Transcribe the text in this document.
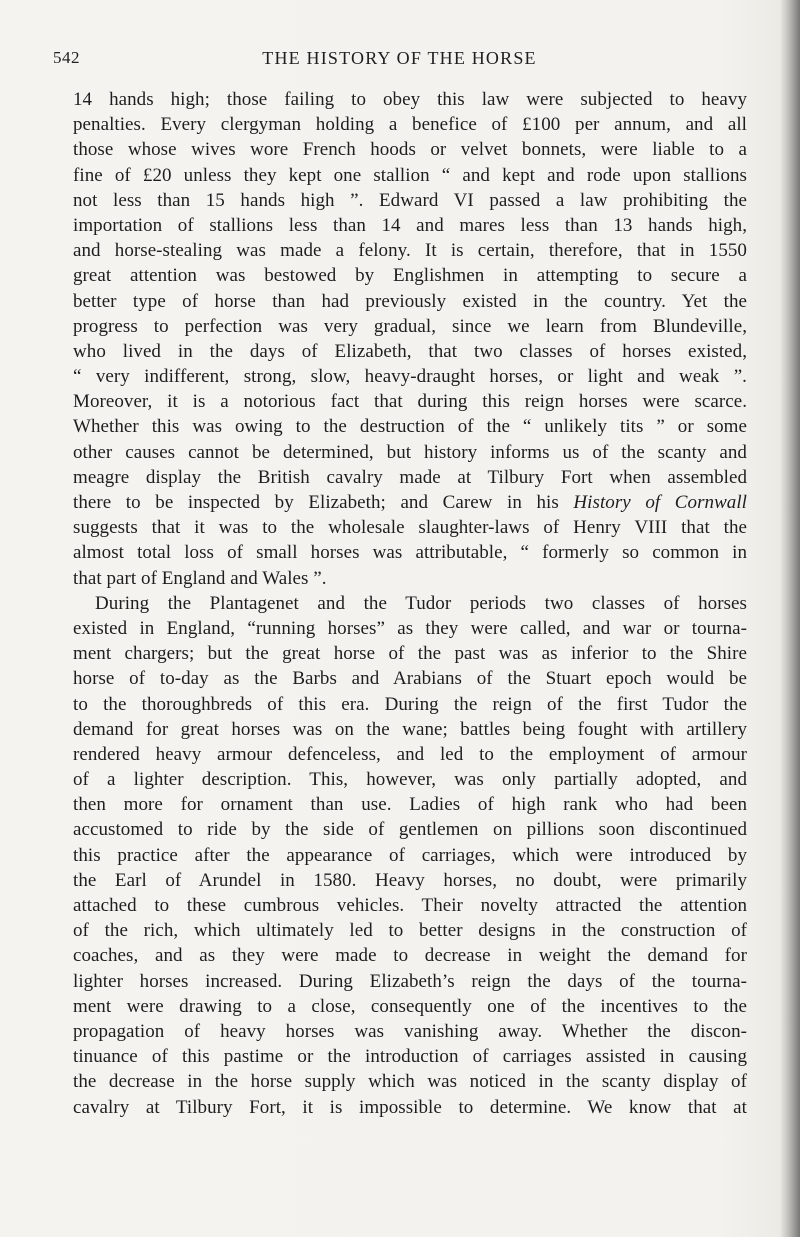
542	THE HISTORY OF THE HORSE
14 hands high; those failing to obey this law were subjected to heavy
penalties. Every clergyman holding a benefice of £100 per annum, and all
those whose wives wore French hoods or velvet bonnets, were liable to a
fine of £20 unless they kept one stallion “ and kept and rode upon stallions
not less than 15 hands high ”. Edward VI passed a law prohibiting the
importation of stallions less than 14 and mares less than 13 hands high,
and horse-stealing was made a felony. It is certain, therefore, that in 1550
great attention was bestowed by Englishmen in attempting to secure a
better type of horse than had previously existed in the country. Yet the
progress to perfection was very gradual, since we learn from Blundeville,
who lived in the days of Elizabeth, that two classes of horses existed,
“ very indifferent, strong, slow, heavy-draught horses, or light and weak ”.
Moreover, it is a notorious fact that during this reign horses were scarce.
Whether this was owing to the destruction of the “ unlikely tits ” or some
other causes cannot be determined, but history informs us of the scanty and
meagre display the British cavalry made at Tilbury Fort when assembled
there to be inspected by Elizabeth; and Carew in his History of Cornwall
suggests that it was to the wholesale slaughter-laws of Henry VIII that the
almost total loss of small horses was attributable, “ formerly so common in
that part of England and Wales ”.
During the Plantagenet and the Tudor periods two classes of horses
existed in England, “running horses” as they were called, and war or tourna-
ment chargers; but the great horse of the past was as inferior to the Shire
horse of to-day as the Barbs and Arabians of the Stuart epoch would be
to the thoroughbreds of this era. During the reign of the first Tudor the
demand for great horses was on the wane; battles being fought with artillery
rendered heavy armour defenceless, and led to the employment of armour
of a lighter description. This, however, was only partially adopted, and
then more for ornament than use. Ladies of high rank who had been
accustomed to ride by the side of gentlemen on pillions soon discontinued
this practice after the appearance of carriages, which were introduced by
the Earl of Arundel in 1580. Heavy horses, no doubt, were primarily
attached to these cumbrous vehicles. Their novelty attracted the attention
of the rich, which ultimately led to better designs in the construction of
coaches, and as they were made to decrease in weight the demand for
lighter horses increased. During Elizabeth’s reign the days of the tourna-
ment were drawing to a close, consequently one of the incentives to the
propagation of heavy horses was vanishing away. Whether the discon-
tinuance of this pastime or the introduction of carriages assisted in causing
the decrease in the horse supply which was noticed in the scanty display of
cavalry at Tilbury Fort, it is impossible to determine. We know that at
